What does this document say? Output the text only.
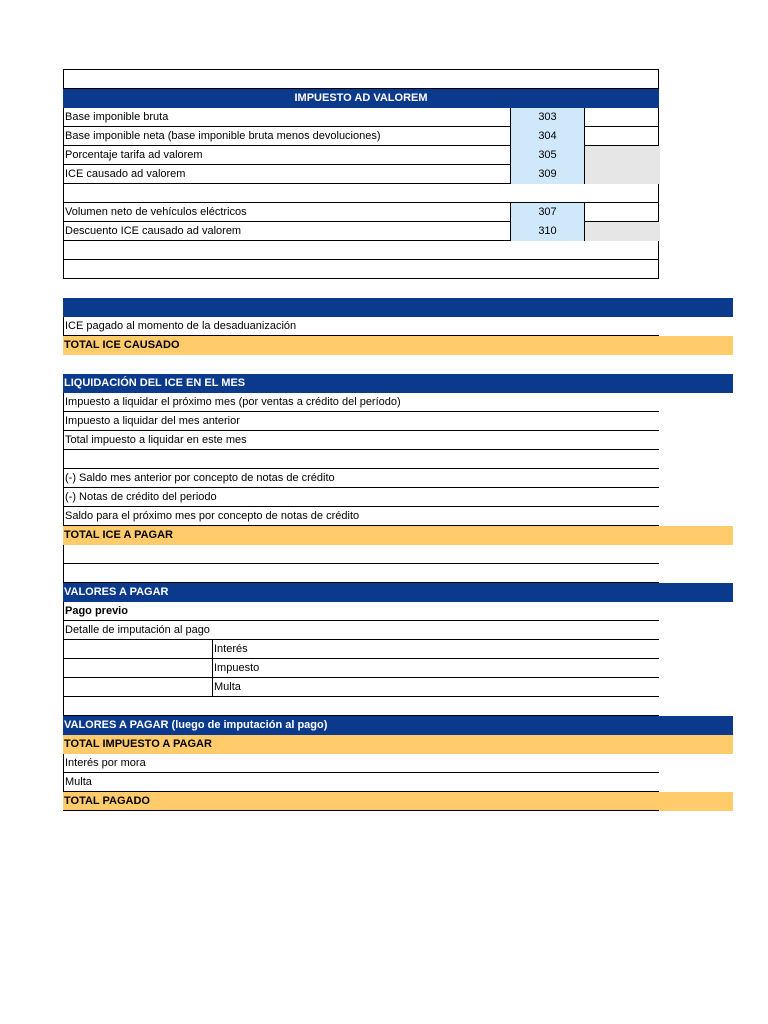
IMPUESTO AD VALOREM
Base imponible bruta	303
Base imponible neta (base imponible bruta menos devoluciones)	304
Porcentaje tarifa ad valorem	305
ICE causado ad valorem	309
Volumen neto de vehículos eléctricos	307
Descuento ICE causado ad valorem	310
ICE pagado al momento de la desaduanización
TOTAL ICE CAUSADO
LIQUIDACIÓN DEL ICE EN EL MES
Impuesto a liquidar el próximo mes (por ventas a crédito del período)
Impuesto a liquidar del mes anterior
Total impuesto a liquidar en este mes
(-) Saldo mes anterior por concepto de notas de crédito
(-) Notas de crédito del periodo
Saldo para el próximo mes por concepto de notas de crédito
TOTAL ICE A PAGAR
VALORES A PAGAR
Pago previo
Detalle de imputación al pago
Interés
Impuesto
Multa
VALORES A PAGAR (luego de imputación al pago)
TOTAL IMPUESTO A PAGAR
Interés por mora
Multa
TOTAL PAGADO
